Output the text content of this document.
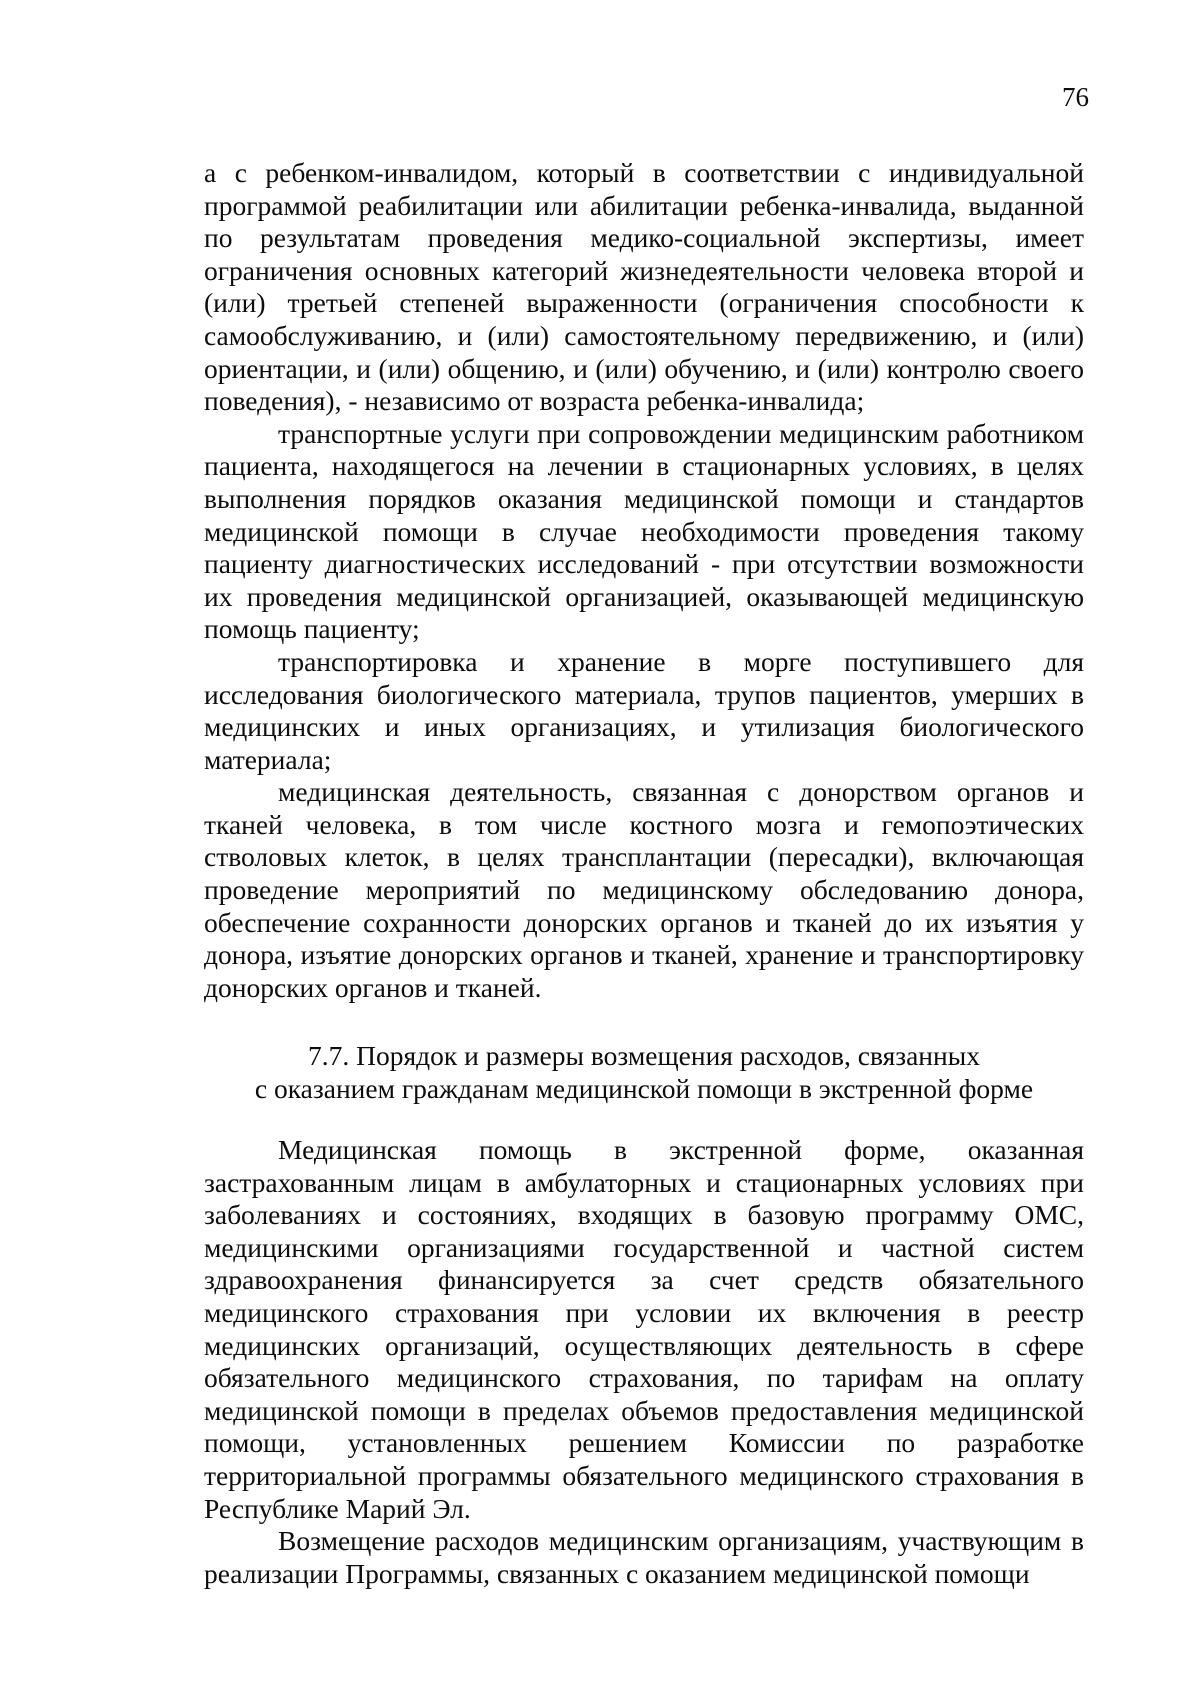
76

а с ребенком-инвалидом, который в соответствии с индивидуальной программой реабилитации или абилитации ребенка-инвалида, выданной по результатам проведения медико-социальной экспертизы, имеет ограничения основных категорий жизнедеятельности человека второй и (или) третьей степеней выраженности (ограничения способности к самообслуживанию, и (или) самостоятельному передвижению, и (или) ориентации, и (или) общению, и (или) обучению, и (или) контролю своего поведения), - независимо от возраста ребенка-инвалида;

транспортные услуги при сопровождении медицинским работником пациента, находящегося на лечении в стационарных условиях, в целях выполнения порядков оказания медицинской помощи и стандартов медицинской помощи в случае необходимости проведения такому пациенту диагностических исследований - при отсутствии возможности их проведения медицинской организацией, оказывающей медицинскую помощь пациенту;

транспортировка и хранение в морге поступившего для исследования биологического материала, трупов пациентов, умерших в медицинских и иных организациях, и утилизация биологического материала;

медицинская деятельность, связанная с донорством органов и тканей человека, в том числе костного мозга и гемопоэтических стволовых клеток, в целях трансплантации (пересадки), включающая проведение мероприятий по медицинскому обследованию донора, обеспечение сохранности донорских органов и тканей до их изъятия у донора, изъятие донорских органов и тканей, хранение и транспортировку донорских органов и тканей.

7.7. Порядок и размеры возмещения расходов, связанных
с оказанием гражданам медицинской помощи в экстренной форме

Медицинская помощь в экстренной форме, оказанная застрахованным лицам в амбулаторных и стационарных условиях при заболеваниях и состояниях, входящих в базовую программу ОМС, медицинскими организациями государственной и частной систем здравоохранения финансируется за счет средств обязательного медицинского страхования при условии их включения в реестр медицинских организаций, осуществляющих деятельность в сфере обязательного медицинского страхования, по тарифам на оплату медицинской помощи в пределах объемов предоставления медицинской помощи, установленных решением Комиссии по разработке территориальной программы обязательного медицинского страхования в Республике Марий Эл.

Возмещение расходов медицинским организациям, участвующим в реализации Программы, связанных с оказанием медицинской помощи
